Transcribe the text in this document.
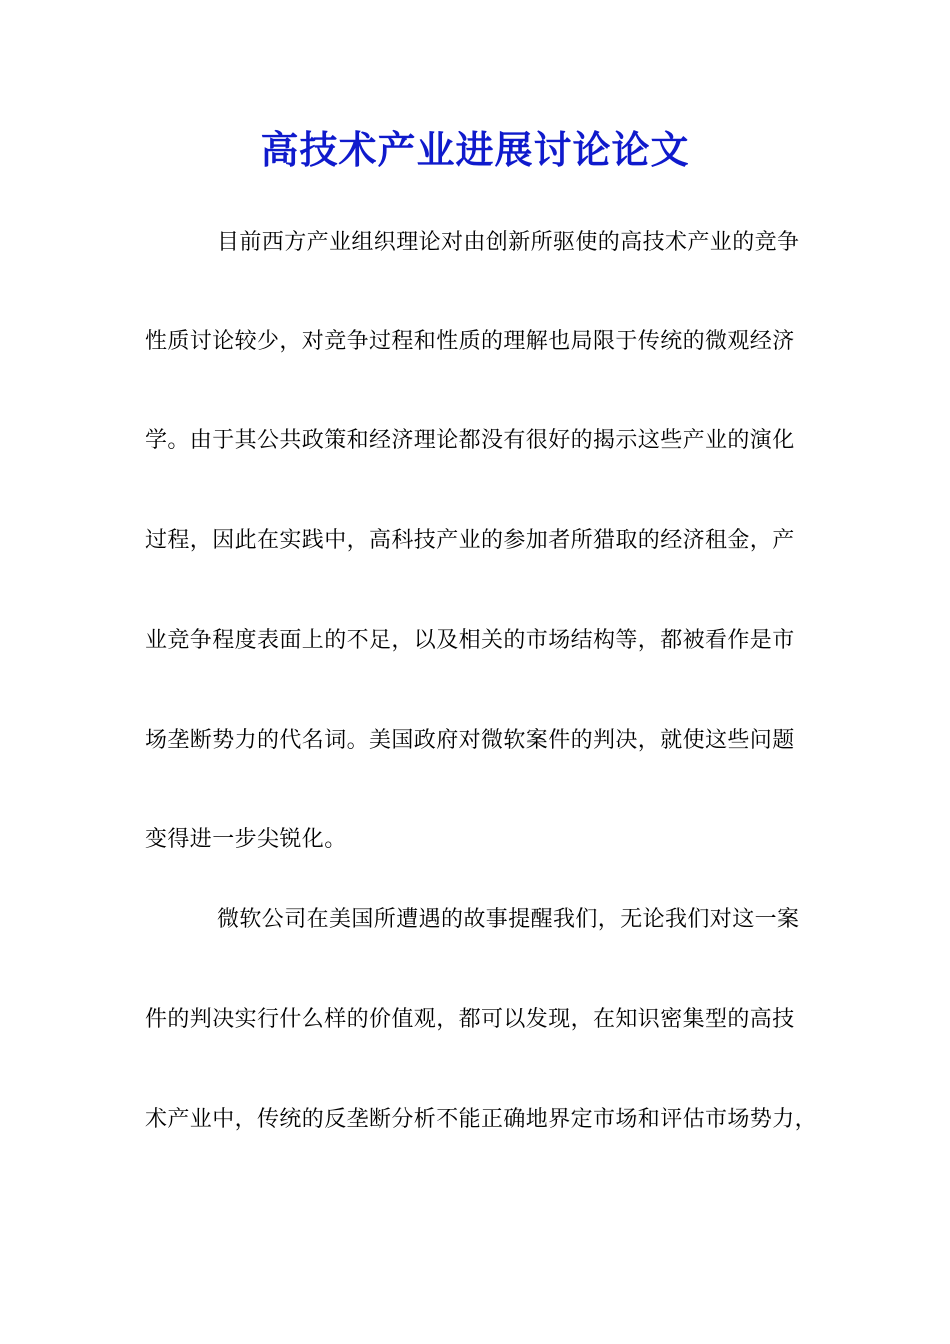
高技术产业进展讨论论文

目前西方产业组织理论对由创新所驱使的高技术产业的竞争

性质讨论较少，对竞争过程和性质的理解也局限于传统的微观经济

学。由于其公共政策和经济理论都没有很好的揭示这些产业的演化

过程，因此在实践中，高科技产业的参加者所猎取的经济租金，产

业竞争程度表面上的不足，以及相关的市场结构等，都被看作是市

场垄断势力的代名词。美国政府对微软案件的判决，就使这些问题

变得进一步尖锐化。

微软公司在美国所遭遇的故事提醒我们，无论我们对这一案

件的判决实行什么样的价值观，都可以发现，在知识密集型的高技

术产业中，传统的反垄断分析不能正确地界定市场和评估市场势力，
